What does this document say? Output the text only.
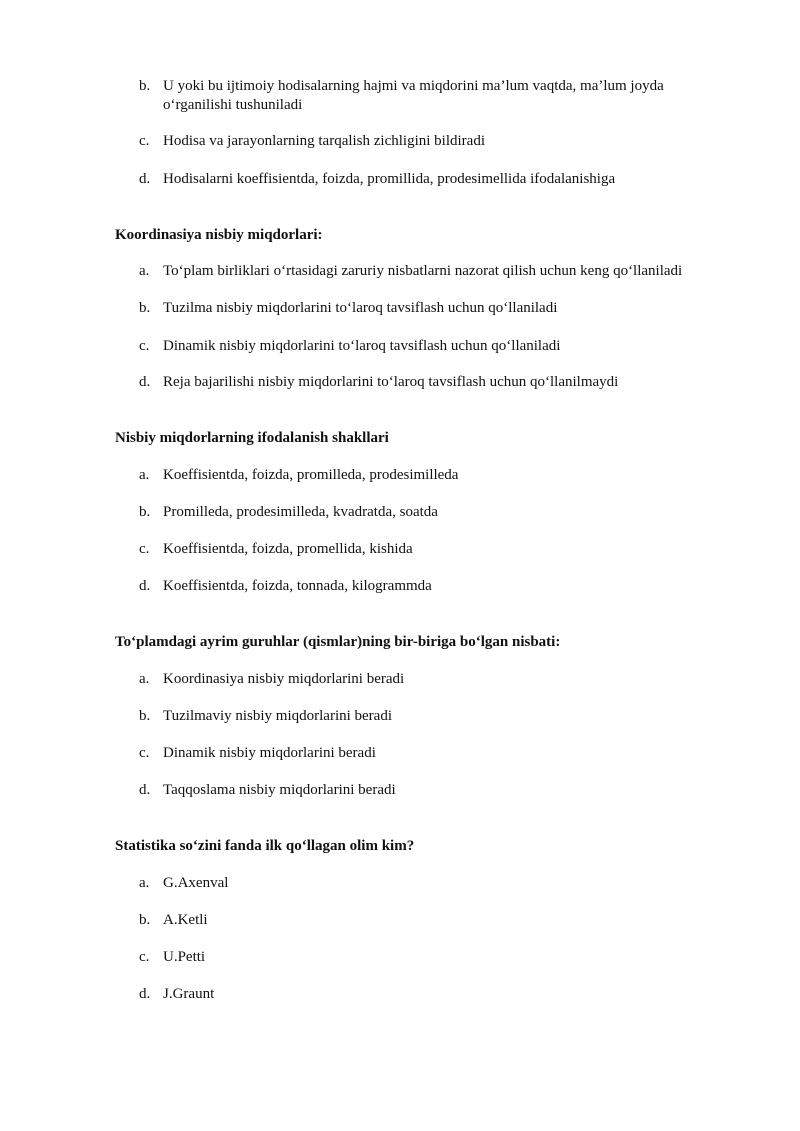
b. U yoki bu ijtimoiy hodisalarning hajmi va miqdorini ma’lum vaqtda, ma’lum joyda
o‘rganilishi tushuniladi
c. Hodisa va jarayonlarning tarqalish zichligini bildiradi
d. Hodisalarni koeffisientda, foizda, promillida, prodesimellida ifodalanishiga
Koordinasiya nisbiy miqdorlari:
a. To‘plam birliklari o‘rtasidagi zaruriy nisbatlarni nazorat qilish uchun keng qo‘llaniladi
b. Tuzilma nisbiy miqdorlarini to‘laroq tavsiflash uchun qo‘llaniladi
c. Dinamik nisbiy miqdorlarini to‘laroq tavsiflash uchun qo‘llaniladi
d. Reja bajarilishi nisbiy miqdorlarini to‘laroq tavsiflash uchun qo‘llanilmaydi
Nisbiy miqdorlarning ifodalanish shakllari
a. Koeffisientda, foizda, promilleda, prodesimilleda
b. Promilleda, prodesimilleda, kvadratda, soatda
c. Koeffisientda, foizda, promellida, kishida
d. Koeffisientda, foizda, tonnada, kilogrammda
To‘plamdagi ayrim guruhlar (qismlar)ning bir-biriga bo‘lgan nisbati:
a. Koordinasiya nisbiy miqdorlarini beradi
b. Tuzilmaviy nisbiy miqdorlarini beradi
c. Dinamik nisbiy miqdorlarini beradi
d. Taqqoslama nisbiy miqdorlarini beradi
Statistika so‘zini fanda ilk qo‘llagan olim kim?
a. G.Axenval
b. A.Ketli
c. U.Petti
d. J.Graunt
